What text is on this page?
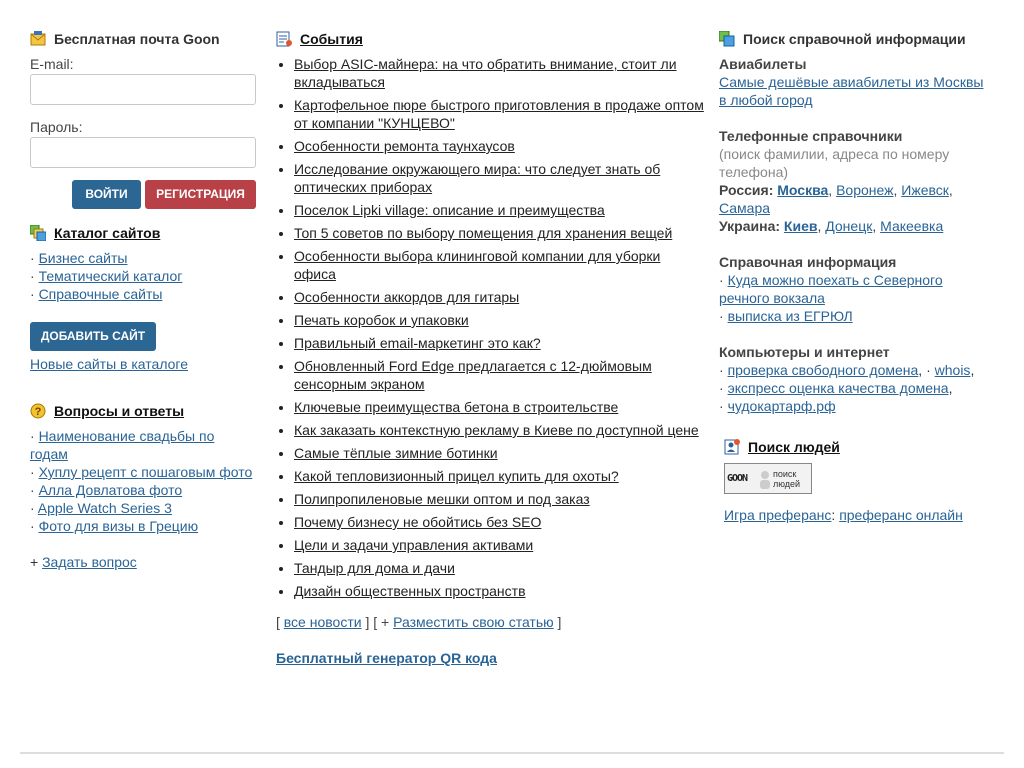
Бесплатная почта Goon
E-mail:
Пароль:
ВОЙТИ	РЕГИСТРАЦИЯ
Каталог сайтов
· Бизнес сайты
· Тематический каталог
· Справочные сайты
ДОБАВИТЬ САЙТ
Новые сайты в каталоге
? Вопросы и ответы
· Наименование свадьбы по годам
· Хуплу рецепт с пошаговым фото
· Алла Довлатова фото
· Apple Watch Series 3
· Фото для визы в Грецию
+ Задать вопрос
События
• Выбор ASIC-майнера: на что обратить внимание, стоит ли вкладываться
• Картофельное пюре быстрого приготовления в продаже оптом от компании "КУНЦЕВО"
• Особенности ремонта таунхаусов
• Исследование окружающего мира: что следует знать об оптических приборах
• Поселок Lipki village: описание и преимущества
• Топ 5 советов по выбору помещения для хранения вещей
• Особенности выбора клининговой компании для уборки офиса
• Особенности аккордов для гитары
• Печать коробок и упаковки
• Правильный email-маркетинг это как?
• Обновленный Ford Edge предлагается с 12-дюймовым сенсорным экраном
• Ключевые преимущества бетона в строительстве
• Как заказать контекстную рекламу в Киеве по доступной цене
• Самые тёплые зимние ботинки
• Какой тепловизионный прицел купить для охоты?
• Полипропиленовые мешки оптом и под заказ
• Почему бизнесу не обойтись без SEO
• Цели и задачи управления активами
• Тандыр для дома и дачи
• Дизайн общественных пространств
[ все новости ] [ + Разместить свою статью ]
Бесплатный генератор QR кода
Поиск справочной информации
Авиабилеты
Самые дешёвые авиабилеты из Москвы в любой город
Телефонные справочники
(поиск фамилии, адреса по номеру телефона)
Россия: Москва, Воронеж, Ижевск, Самара
Украина: Киев, Донецк, Макеевка
Справочная информация
· Куда можно поехать с Северного речного вокзала
· выписка из ЕГРЮЛ
Компьютеры и интернет
· проверка свободного домена, · whois,
· экспресс оценка качества домена,
· чудокартарф.рф
Поиск людей
GOON	поиск людей
Игра преферанс: преферанс онлайн
